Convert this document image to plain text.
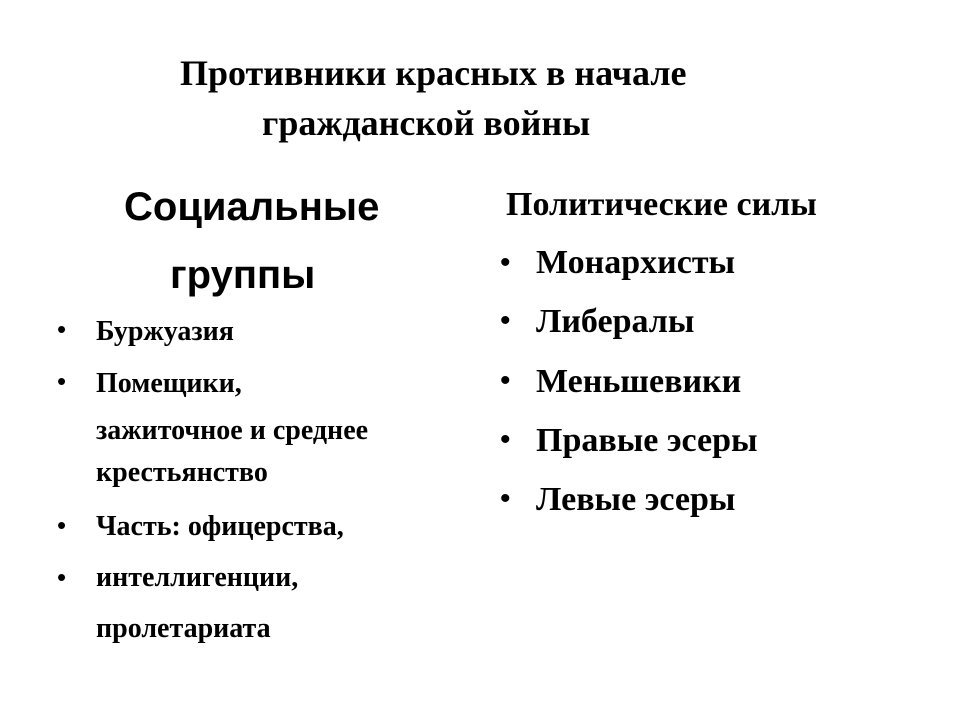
Противники красных в начале
гражданской войны
Социальные
группы
• Буржуазия
• Помещики,
зажиточное и среднее
крестьянство
• Часть: офицерства,
• интеллигенции,
пролетариата
Политические силы
• Монархисты
• Либералы
• Меньшевики
• Правые эсеры
• Левые эсеры
